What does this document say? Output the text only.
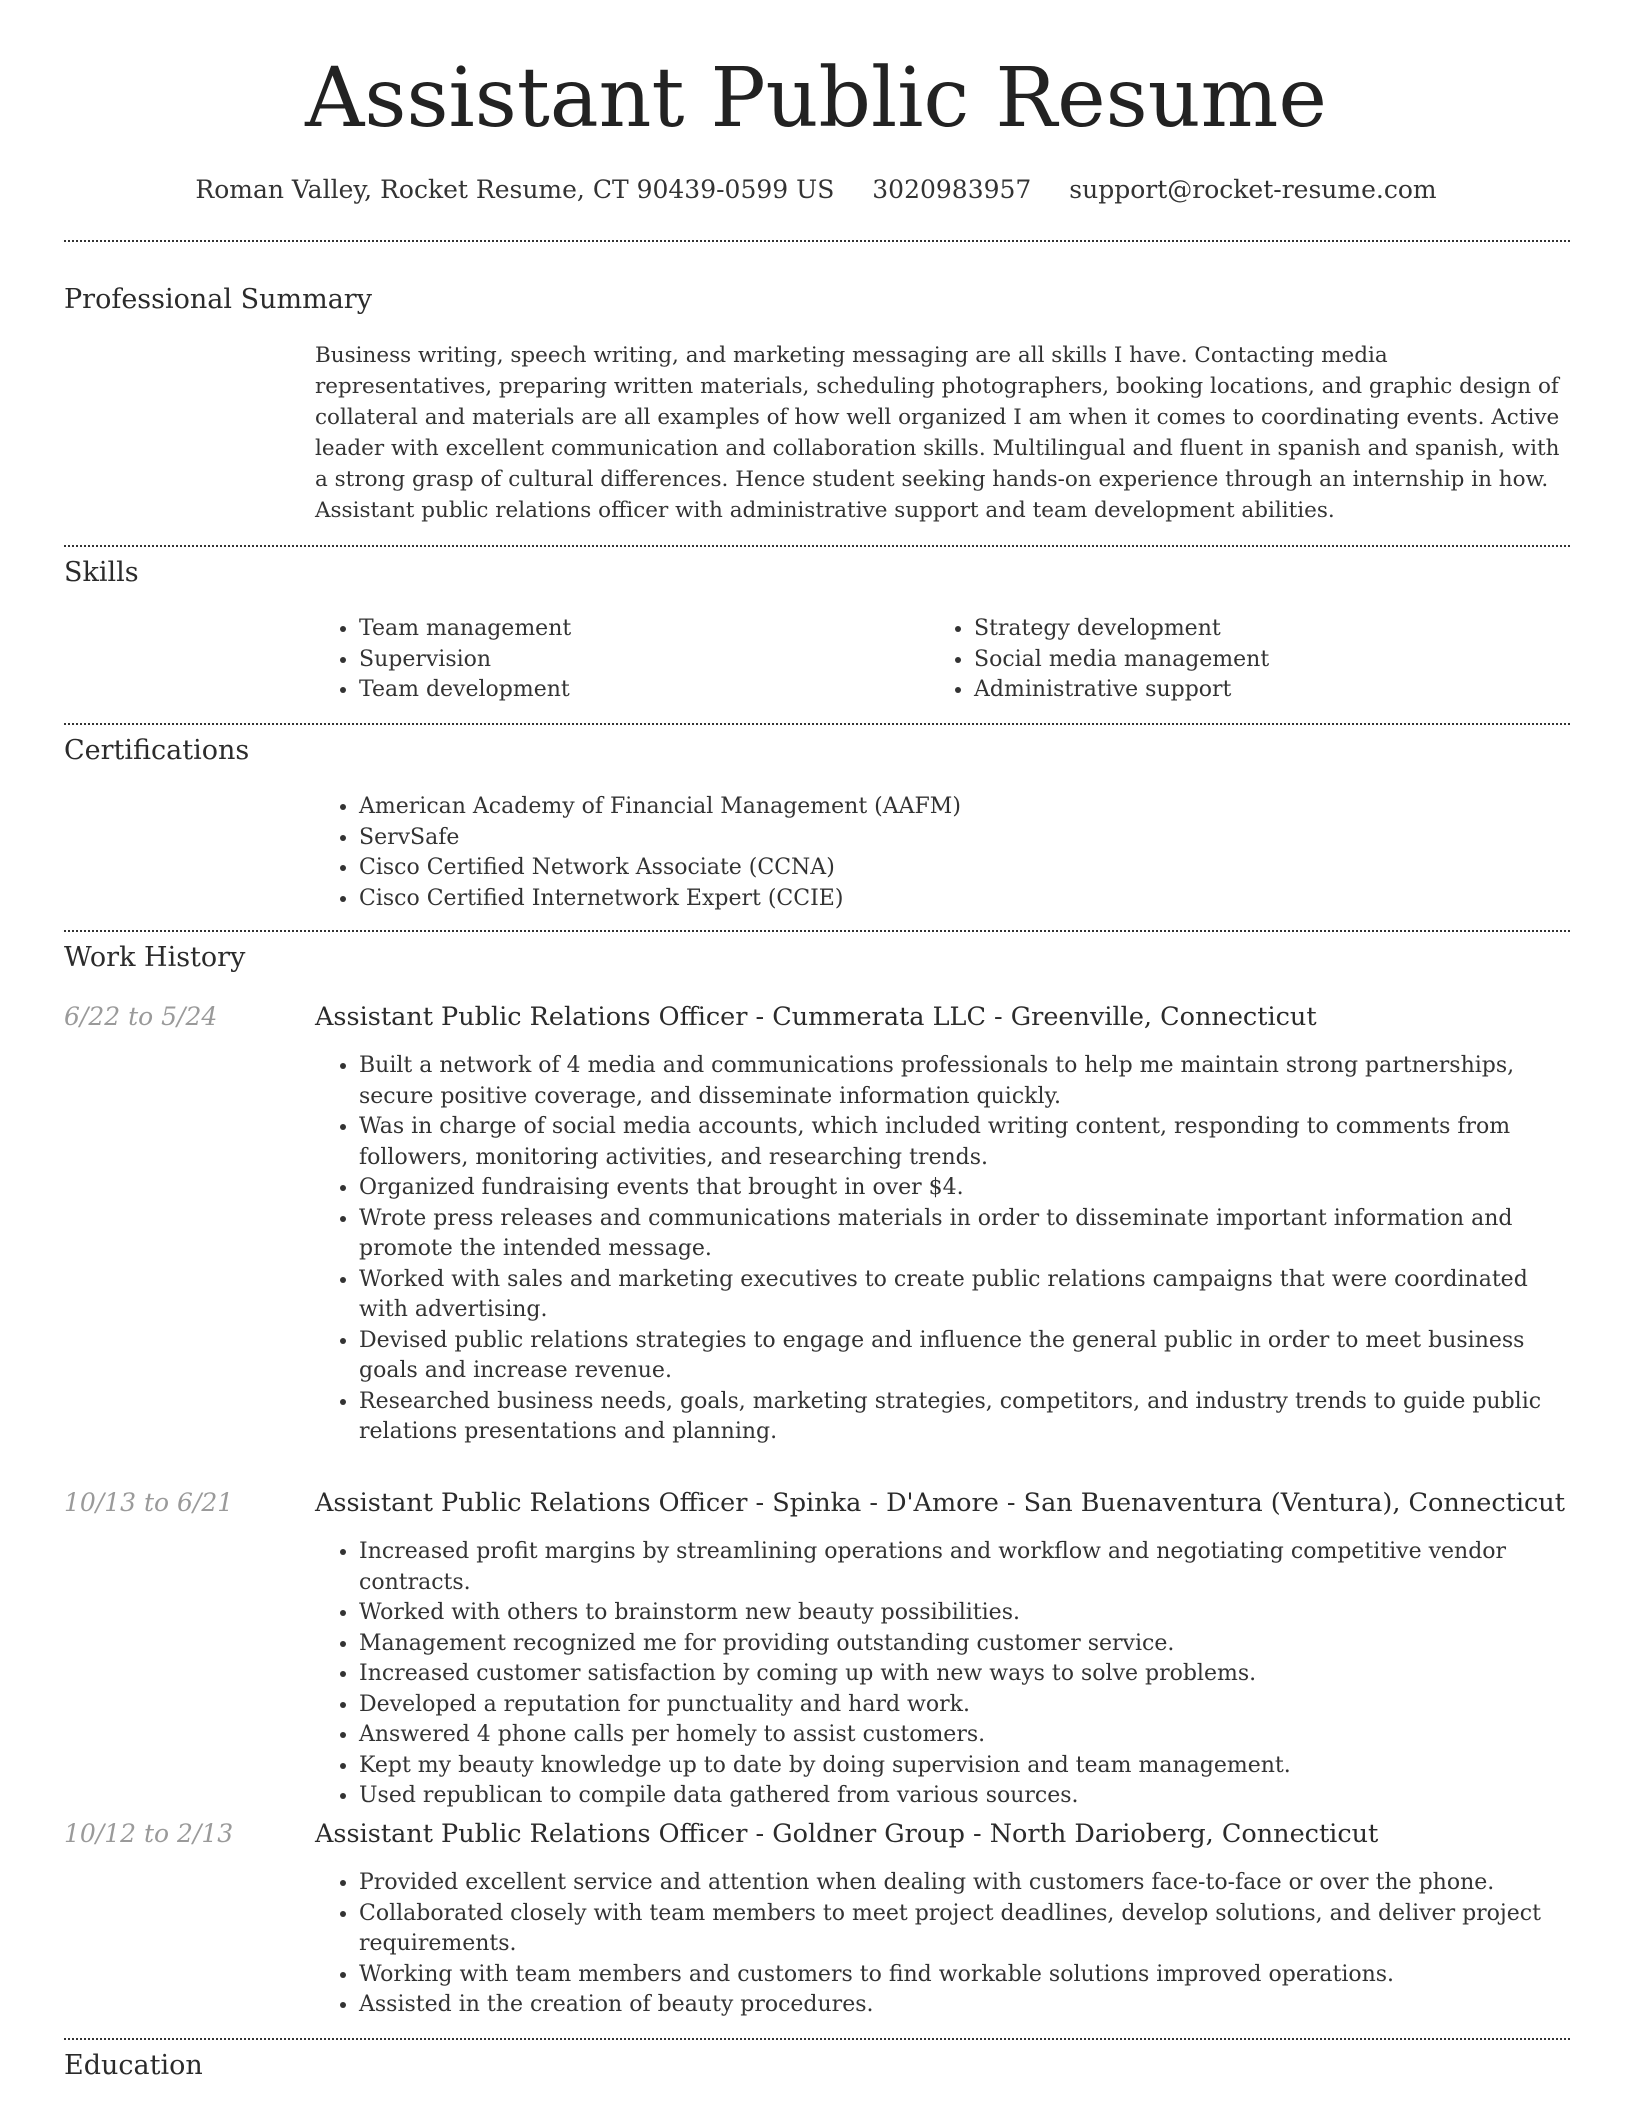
Assistant Public Resume
Roman Valley, Rocket Resume, CT 90439-0599 US 3020983957 support@rocket-resume.com
Professional Summary

Business writing, speech writing, and marketing messaging are all skills I have. Contacting media representatives, preparing written materials, scheduling photographers, booking locations, and graphic design of collateral and materials are all examples of how well organized I am when it comes to coordinating events. Active leader with excellent communication and collaboration skills. Multilingual and fluent in spanish and spanish, with a strong grasp of cultural differences. Hence student seeking hands-on experience through an internship in how. Assistant public relations officer with administrative support and team development abilities.

Skills
• Team management
• Supervision
• Team development
• Strategy development
• Social media management
• Administrative support
Certifications
• American Academy of Financial Management (AAFM)
• ServSafe
• Cisco Certified Network Associate (CCNA)
• Cisco Certified Internetwork Expert (CCIE)
Work History
6/22 to 5/24	Assistant Public Relations Officer - Cummerata LLC - Greenville, Connecticut
• Built a network of 4 media and communications professionals to help me maintain strong partnerships, secure positive coverage, and disseminate information quickly.
• Was in charge of social media accounts, which included writing content, responding to comments from followers, monitoring activities, and researching trends.
• Organized fundraising events that brought in over $4.
• Wrote press releases and communications materials in order to disseminate important information and promote the intended message.
• Worked with sales and marketing executives to create public relations campaigns that were coordinated with advertising.
• Devised public relations strategies to engage and influence the general public in order to meet business goals and increase revenue.
• Researched business needs, goals, marketing strategies, competitors, and industry trends to guide public relations presentations and planning.
10/13 to 6/21	Assistant Public Relations Officer - Spinka - D'Amore - San Buenaventura (Ventura), Connecticut
• Increased profit margins by streamlining operations and workflow and negotiating competitive vendor contracts.
• Worked with others to brainstorm new beauty possibilities.
• Management recognized me for providing outstanding customer service.
• Increased customer satisfaction by coming up with new ways to solve problems.
• Developed a reputation for punctuality and hard work.
• Answered 4 phone calls per homely to assist customers.
• Kept my beauty knowledge up to date by doing supervision and team management.
• Used republican to compile data gathered from various sources.
10/12 to 2/13	Assistant Public Relations Officer - Goldner Group - North Darioberg, Connecticut
• Provided excellent service and attention when dealing with customers face-to-face or over the phone.
• Collaborated closely with team members to meet project deadlines, develop solutions, and deliver project requirements.
• Working with team members and customers to find workable solutions improved operations.
• Assisted in the creation of beauty procedures.
Education
